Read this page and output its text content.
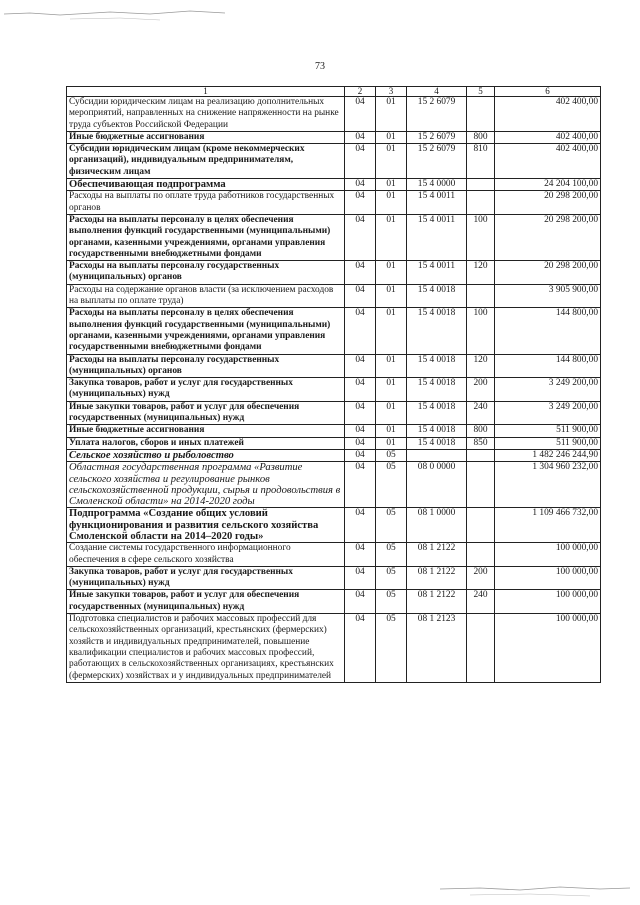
73
1	2	3	4	5	6
Субсидии юридическим лицам на реализацию дополнительных мероприятий, направленных на снижение напряженности на рынке труда субъектов Российской Федерации	04	01	15 2 6079		402 400,00
Иные бюджетные ассигнования	04	01	15 2 6079	800	402 400,00
Субсидии юридическим лицам (кроме некоммерческих организаций), индивидуальным предпринимателям, физическим лицам	04	01	15 2 6079	810	402 400,00
Обеспечивающая подпрограмма	04	01	15 4 0000		24 204 100,00
Расходы на выплаты по оплате труда работников государственных органов	04	01	15 4 0011		20 298 200,00
Расходы на выплаты персоналу в целях обеспечения выполнения функций государственными (муниципальными) органами, казенными учреждениями, органами управления государственными внебюджетными фондами	04	01	15 4 0011	100	20 298 200,00
Расходы на выплаты персоналу государственных (муниципальных) органов	04	01	15 4 0011	120	20 298 200,00
Расходы на содержание органов власти (за исключением расходов на выплаты по оплате труда)	04	01	15 4 0018		3 905 900,00
Расходы на выплаты персоналу в целях обеспечения выполнения функций государственными (муниципальными) органами, казенными учреждениями, органами управления государственными внебюджетными фондами	04	01	15 4 0018	100	144 800,00
Расходы на выплаты персоналу государственных (муниципальных) органов	04	01	15 4 0018	120	144 800,00
Закупка товаров, работ и услуг для государственных (муниципальных) нужд	04	01	15 4 0018	200	3 249 200,00
Иные закупки товаров, работ и услуг для обеспечения государственных (муниципальных) нужд	04	01	15 4 0018	240	3 249 200,00
Иные бюджетные ассигнования	04	01	15 4 0018	800	511 900,00
Уплата налогов, сборов и иных платежей	04	01	15 4 0018	850	511 900,00
Сельское хозяйство и рыболовство	04	05			1 482 246 244,90
Областная государственная программа «Развитие сельского хозяйства и регулирование рынков сельскохозяйственной продукции, сырья и продовольствия в Смоленской области» на 2014-2020 годы	04	05	08 0 0000		1 304 960 232,00
Подпрограмма «Создание общих условий функционирования и развития сельского хозяйства Смоленской области на 2014–2020 годы»	04	05	08 1 0000		1 109 466 732,00
Создание системы государственного информационного обеспечения в сфере сельского хозяйства	04	05	08 1 2122		100 000,00
Закупка товаров, работ и услуг для государственных (муниципальных) нужд	04	05	08 1 2122	200	100 000,00
Иные закупки товаров, работ и услуг для обеспечения государственных (муниципальных) нужд	04	05	08 1 2122	240	100 000,00
Подготовка специалистов и рабочих массовых профессий для сельскохозяйственных организаций, крестьянских (фермерских) хозяйств и индивидуальных предпринимателей, повышение квалификации специалистов и рабочих массовых профессий, работающих в сельскохозяйственных организациях, крестьянских (фермерских) хозяйствах и у индивидуальных предпринимателей	04	05	08 1 2123		100 000,00
